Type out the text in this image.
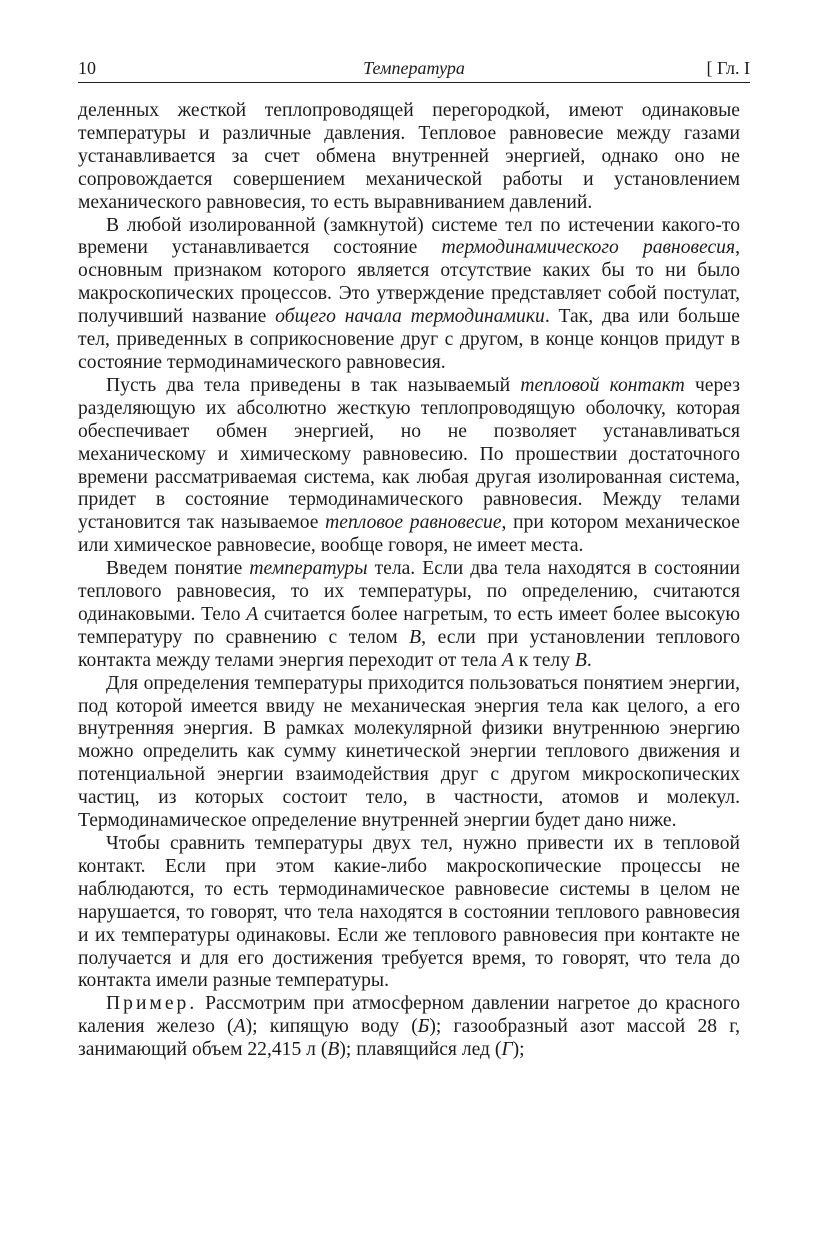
10	Температура	[ Гл. I

деленных жесткой теплопроводящей перегородкой, имеют одинаковые температуры и различные давления. Тепловое равновесие между газами устанавливается за счет обмена внутренней энергией, однако оно не сопровождается совершением механической работы и установлением механического равновесия, то есть выравниванием давлений.

В любой изолированной (замкнутой) системе тел по истечении какого-то времени устанавливается состояние термодинамического равновесия, основным признаком которого является отсутствие каких бы то ни было макроскопических процессов. Это утверждение представляет собой постулат, получивший название общего начала термодинамики. Так, два или больше тел, приведенных в соприкосновение друг с другом, в конце концов придут в состояние термодинамического равновесия.

Пусть два тела приведены в так называемый тепловой контакт через разделяющую их абсолютно жесткую теплопроводящую оболочку, которая обеспечивает обмен энергией, но не позволяет устанавливаться механическому и химическому равновесию. По прошествии достаточного времени рассматриваемая система, как любая другая изолированная система, придет в состояние термодинамического равновесия. Между телами установится так называемое тепловое равновесие, при котором механическое или химическое равновесие, вообще говоря, не имеет места.

Введем понятие температуры тела. Если два тела находятся в состоянии теплового равновесия, то их температуры, по определению, считаются одинаковыми. Тело A считается более нагретым, то есть имеет более высокую температуру по сравнению с телом B, если при установлении теплового контакта между телами энергия переходит от тела A к телу B.

Для определения температуры приходится пользоваться понятием энергии, под которой имеется ввиду не механическая энергия тела как целого, а его внутренняя энергия. В рамках молекулярной физики внутреннюю энергию можно определить как сумму кинетической энергии теплового движения и потенциальной энергии взаимодействия друг с другом микроскопических частиц, из которых состоит тело, в частности, атомов и молекул. Термодинамическое определение внутренней энергии будет дано ниже.

Чтобы сравнить температуры двух тел, нужно привести их в тепловой контакт. Если при этом какие-либо макроскопические процессы не наблюдаются, то есть термодинамическое равновесие системы в целом не нарушается, то говорят, что тела находятся в состоянии теплового равновесия и их температуры одинаковы. Если же теплового равновесия при контакте не получается и для его достижения требуется время, то говорят, что тела до контакта имели разные температуры.

Пример. Рассмотрим при атмосферном давлении нагретое до красного каления железо (А); кипящую воду (Б); газообразный азот массой 28 г, занимающий объем 22,415 л (В); плавящийся лед (Г);
